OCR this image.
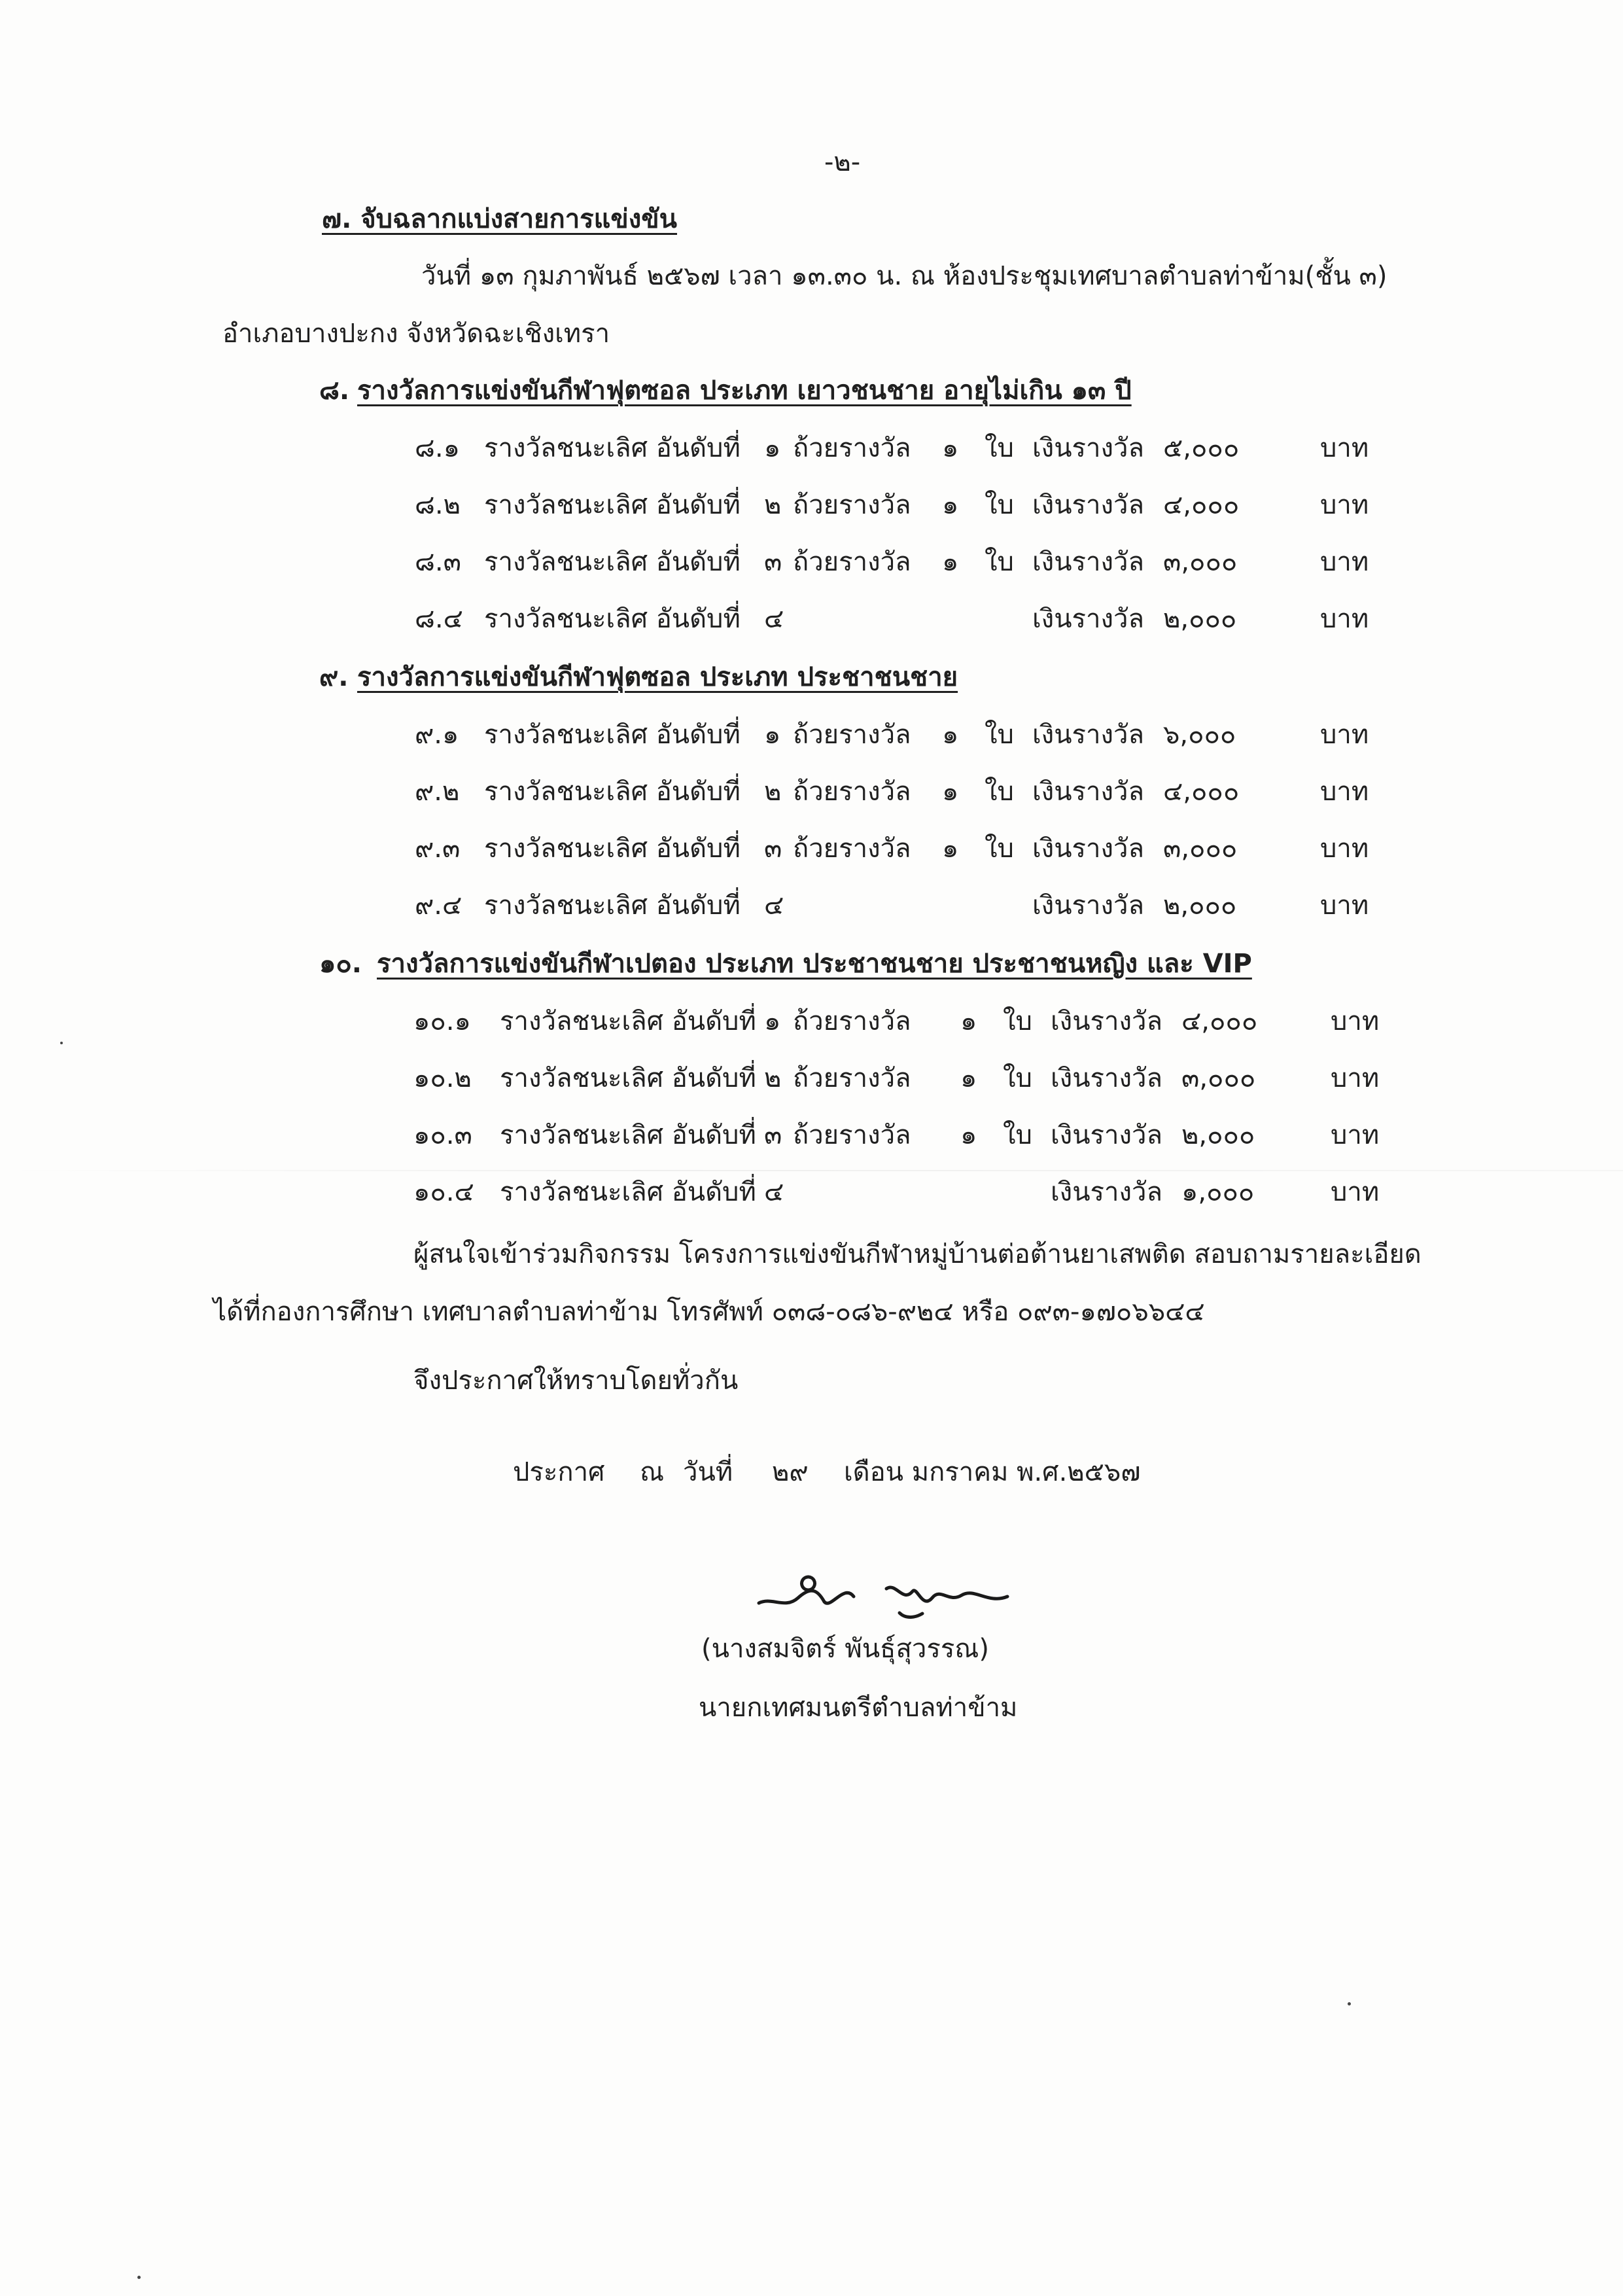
-๒-
๗. จับฉลากแบ่งสายการแข่งขัน
วันที่ ๑๓ กุมภาพันธ์ ๒๕๖๗ เวลา ๑๓.๓๐ น. ณ ห้องประชุมเทศบาลตำบลท่าข้าม(ชั้น ๓)
อำเภอบางปะกง จังหวัดฉะเชิงเทรา
๘. รางวัลการแข่งขันกีฬาฟุตซอล ประเภท เยาวชนชาย อายุไม่เกิน ๑๓ ปี
๘.๑ รางวัลชนะเลิศ อันดับที่ ๑ ถ้วยรางวัล ๑ ใบ เงินรางวัล ๕,๐๐๐	บาท
๘.๒ รางวัลชนะเลิศ อันดับที่ ๒ ถ้วยรางวัล ๑ ใบ เงินรางวัล ๔,๐๐๐	บาท
๘.๓ รางวัลชนะเลิศ อันดับที่ ๓ ถ้วยรางวัล ๑ ใบ เงินรางวัล ๓,๐๐๐	บาท
๘.๔ รางวัลชนะเลิศ อันดับที่ ๔	เงินรางวัล ๒,๐๐๐	บาท
๙. รางวัลการแข่งขันกีฬาฟุตซอล ประเภท ประชาชนชาย
๙.๑ รางวัลชนะเลิศ อันดับที่ ๑ ถ้วยรางวัล ๑ ใบ เงินรางวัล ๖,๐๐๐	บาท
๙.๒ รางวัลชนะเลิศ อันดับที่ ๒ ถ้วยรางวัล ๑ ใบ เงินรางวัล ๔,๐๐๐	บาท
๙.๓ รางวัลชนะเลิศ อันดับที่ ๓ ถ้วยรางวัล ๑ ใบ เงินรางวัล ๓,๐๐๐	บาท
๙.๔ รางวัลชนะเลิศ อันดับที่ ๔	เงินรางวัล ๒,๐๐๐	บาท
๑๐. รางวัลการแข่งขันกีฬาเปตอง ประเภท ประชาชนชาย ประชาชนหญิง และ VIP
๑๐.๑ รางวัลชนะเลิศ อันดับที่ ๑ ถ้วยรางวัล ๑ ใบ เงินรางวัล ๔,๐๐๐	บาท
๑๐.๒ รางวัลชนะเลิศ อันดับที่ ๒ ถ้วยรางวัล ๑ ใบ เงินรางวัล ๓,๐๐๐	บาท
๑๐.๓ รางวัลชนะเลิศ อันดับที่ ๓ ถ้วยรางวัล ๑ ใบ เงินรางวัล ๒,๐๐๐	บาท
๑๐.๔ รางวัลชนะเลิศ อันดับที่ ๔	เงินรางวัล ๑,๐๐๐	บาท
ผู้สนใจเข้าร่วมกิจกรรม โครงการแข่งขันกีฬาหมู่บ้านต่อต้านยาเสพติด สอบถามรายละเอียด
ได้ที่กองการศึกษา เทศบาลตำบลท่าข้าม โทรศัพท์ ๐๓๘-๐๘๖-๙๒๔ หรือ ๐๙๓-๑๗๐๖๖๔๔
จึงประกาศให้ทราบโดยทั่วกัน
ประกาศ ณ วันที่ ๒๙ เดือน มกราคม พ.ศ.๒๕๖๗
(นางสมจิตร์ พันธุ์สุวรรณ)
นายกเทศมนตรีตำบลท่าข้าม
